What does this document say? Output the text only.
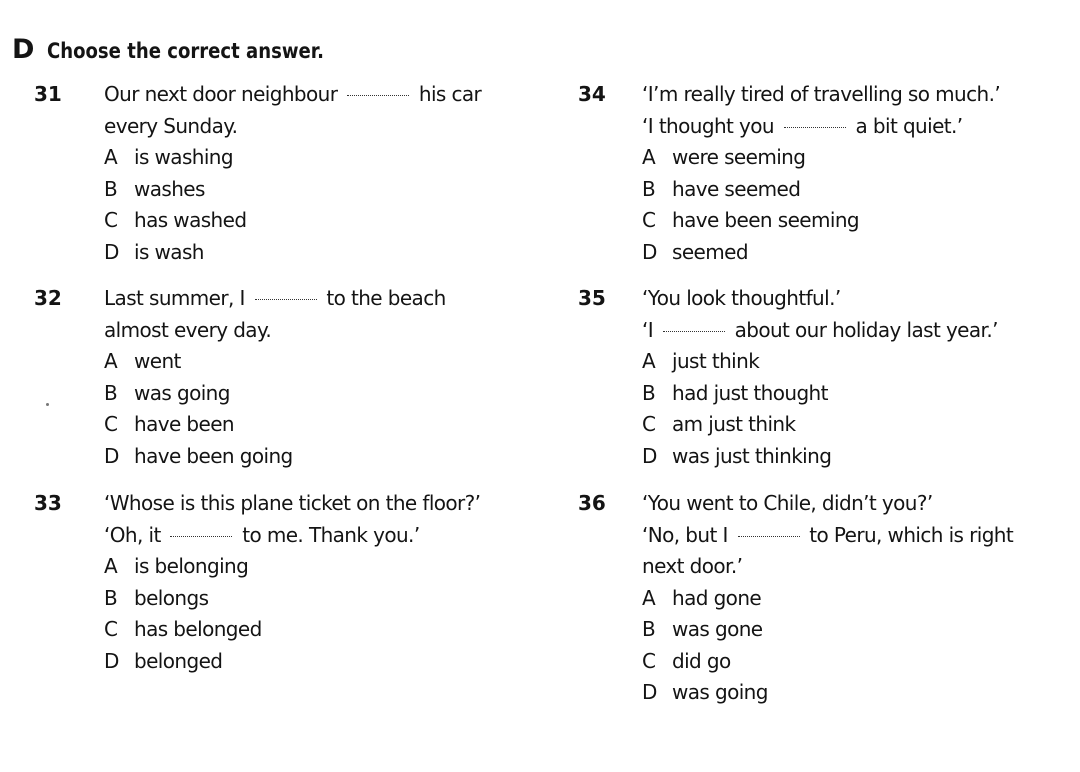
D Choose the correct answer.
31 Our next door neighbour	his car
every Sunday.
A is washing
B washes
C has washed
D is wash
32 Last summer, I	to the beach
almost every day.
A went
B was going
C have been
D have been going
33 ‘Whose is this plane ticket on the floor?’
‘Oh, it	to me. Thank you.’
A is belonging
B belongs
C has belonged
D belonged
34 ‘I’m really tired of travelling so much.’
‘I thought you	a bit quiet.’
A were seeming
B have seemed
C have been seeming
D seemed
35 ‘You look thoughtful.’
‘I	about our holiday last year.’
A just think
B had just thought
C am just think
D was just thinking
36 ‘You went to Chile, didn’t you?’
‘No, but I	to Peru, which is right
next door.’
A had gone
B was gone
C did go
D was going
